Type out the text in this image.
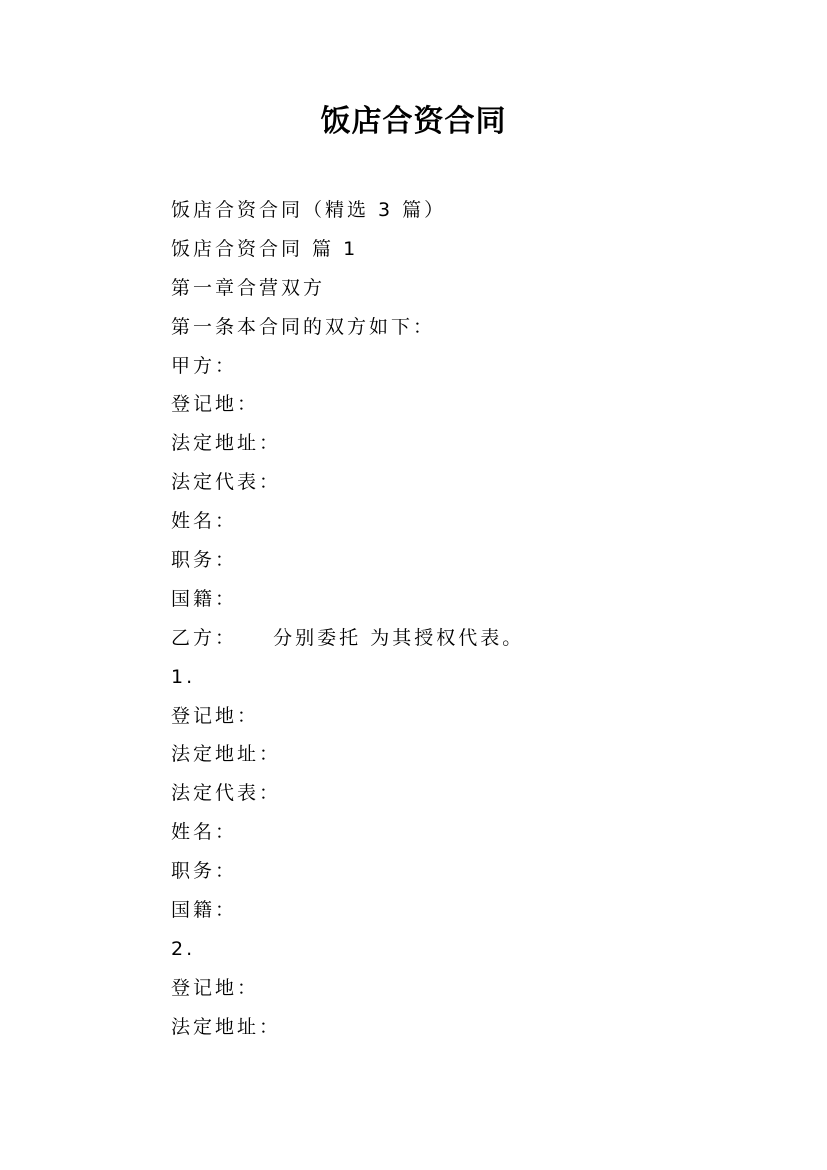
饭店合资合同
饭店合资合同（精选 3 篇）
饭店合资合同 篇 1
第一章合营双方
第一条本合同的双方如下：
甲方：
登记地：
法定地址：
法定代表：
姓名：
职务：
国籍：
乙方：    分别委托 为其授权代表。
1.
登记地：
法定地址：
法定代表：
姓名：
职务：
国籍：
2.
登记地：
法定地址：
